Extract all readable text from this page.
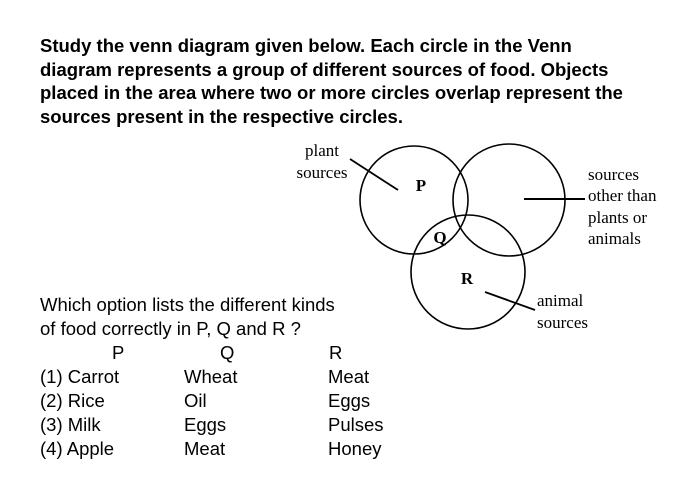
Study the venn diagram given below. Each circle in the Venn
diagram represents a group of different sources of food. Objects
placed in the area where two or more circles overlap represent the
sources present in the respective circles.
plant
sources	sources
other than
plants or
animals
animal
sources
P
Q
R
Which option lists the different kinds
of food correctly in P, Q and R ?
P	Q	R
(1) Carrot	Wheat	Meat
(2) Rice	Oil	Eggs
(3) Milk	Eggs	Pulses
(4) Apple	Meat	Honey
